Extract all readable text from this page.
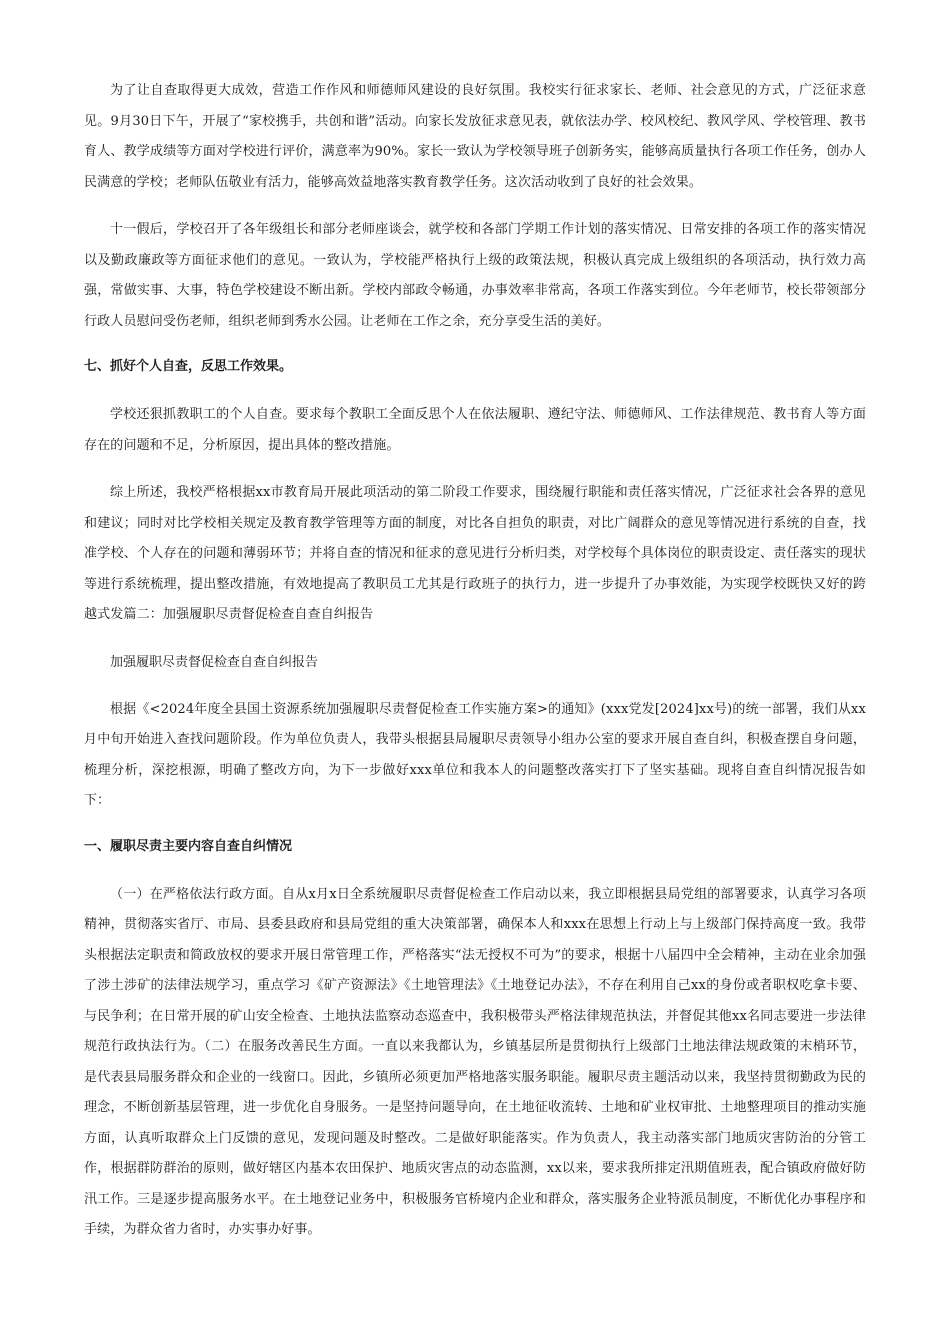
为了让自查取得更大成效，营造工作作风和师德师风建设的良好氛围。我校实行征求家长、老师、社会意见的方式，广泛征求意见。9月30日下午，开展了“家校携手，共创和谐”活动。向家长发放征求意见表，就依法办学、校风校纪、教风学风、学校管理、教书育人、教学成绩等方面对学校进行评价，满意率为90%。家长一致认为学校领导班子创新务实，能够高质量执行各项工作任务，创办人民满意的学校；老师队伍敬业有活力，能够高效益地落实教育教学任务。这次活动收到了良好的社会效果。

十一假后，学校召开了各年级组长和部分老师座谈会，就学校和各部门学期工作计划的落实情况、日常安排的各项工作的落实情况以及勤政廉政等方面征求他们的意见。一致认为，学校能严格执行上级的政策法规，积极认真完成上级组织的各项活动，执行效力高强，常做实事、大事，特色学校建设不断出新。学校内部政令畅通，办事效率非常高，各项工作落实到位。今年老师节，校长带领部分行政人员慰问受伤老师，组织老师到秀水公园。让老师在工作之余，充分享受生活的美好。

七、抓好个人自查，反思工作效果。

学校还狠抓教职工的个人自查。要求每个教职工全面反思个人在依法履职、遵纪守法、师德师风、工作法律规范、教书育人等方面存在的问题和不足，分析原因，提出具体的整改措施。

综上所述，我校严格根据xx市教育局开展此项活动的第二阶段工作要求，围绕履行职能和责任落实情况，广泛征求社会各界的意见和建议；同时对比学校相关规定及教育教学管理等方面的制度，对比各自担负的职责，对比广阔群众的意见等情况进行系统的自查，找准学校、个人存在的问题和薄弱环节；并将自查的情况和征求的意见进行分析归类，对学校每个具体岗位的职责设定、责任落实的现状等进行系统梳理，提出整改措施，有效地提高了教职员工尤其是行政班子的执行力，进一步提升了办事效能，为实现学校既快又好的跨越式发篇二：加强履职尽责督促检查自查自纠报告

加强履职尽责督促检查自查自纠报告

根据《<2024年度全县国土资源系统加强履职尽责督促检查工作实施方案>的通知》(xxx党发[2024]xx号)的统一部署，我们从xx月中旬开始进入查找问题阶段。作为单位负责人，我带头根据县局履职尽责领导小组办公室的要求开展自查自纠，积极查摆自身问题，梳理分析，深挖根源，明确了整改方向，为下一步做好xxx单位和我本人的问题整改落实打下了坚实基础。现将自查自纠情况报告如下：

一、履职尽责主要内容自查自纠情况

（一）在严格依法行政方面。自从x月x日全系统履职尽责督促检查工作启动以来，我立即根据县局党组的部署要求，认真学习各项精神，贯彻落实省厅、市局、县委县政府和县局党组的重大决策部署，确保本人和xxx在思想上行动上与上级部门保持高度一致。我带头根据法定职责和简政放权的要求开展日常管理工作，严格落实“法无授权不可为”的要求，根据十八届四中全会精神，主动在业余加强了涉土涉矿的法律法规学习，重点学习《矿产资源法》《土地管理法》《土地登记办法》，不存在利用自己xx的身份或者职权吃拿卡要、与民争利；在日常开展的矿山安全检查、土地执法监察动态巡查中，我积极带头严格法律规范执法，并督促其他xx名同志要进一步法律规范行政执法行为。（二）在服务改善民生方面。一直以来我都认为，乡镇基层所是贯彻执行上级部门土地法律法规政策的末梢环节，是代表县局服务群众和企业的一线窗口。因此，乡镇所必须更加严格地落实服务职能。履职尽责主题活动以来，我坚持贯彻勤政为民的理念，不断创新基层管理，进一步优化自身服务。一是坚持问题导向，在土地征收流转、土地和矿业权审批、土地整理项目的推动实施方面，认真听取群众上门反馈的意见，发现问题及时整改。二是做好职能落实。作为负责人，我主动落实部门地质灾害防治的分管工作，根据群防群治的原则，做好辖区内基本农田保护、地质灾害点的动态监测，xx以来，要求我所排定汛期值班表，配合镇政府做好防汛工作。三是逐步提高服务水平。在土地登记业务中，积极服务官桥境内企业和群众，落实服务企业特派员制度，不断优化办事程序和手续，为群众省力省时，办实事办好事。
